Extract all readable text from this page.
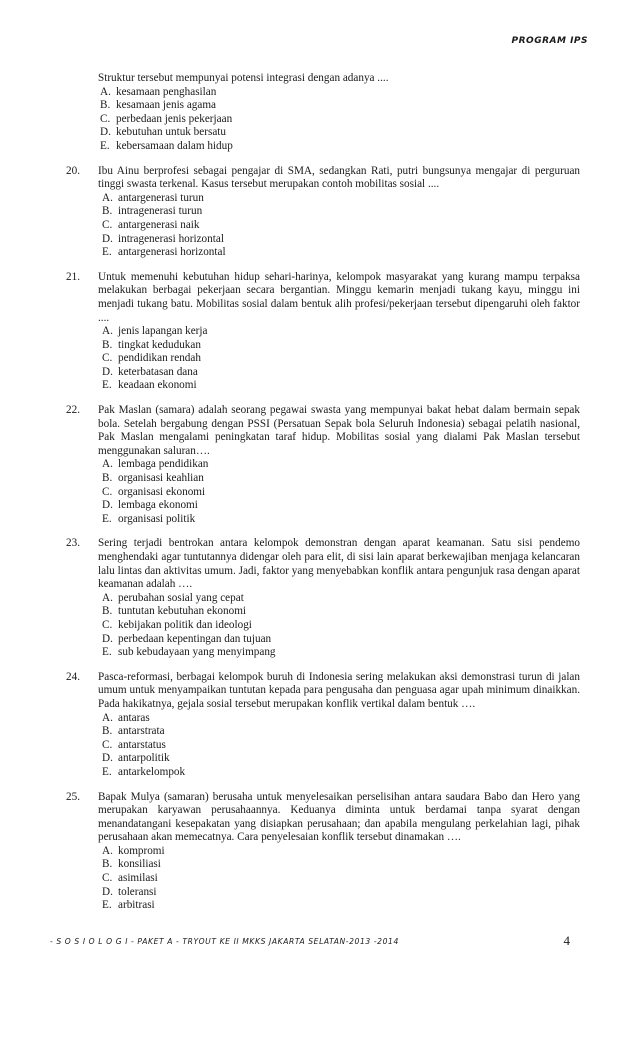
PROGRAM IPS
Struktur tersebut mempunyai potensi integrasi dengan adanya ....
A. kesamaan penghasilan
B. kesamaan jenis agama
C. perbedaan jenis pekerjaan
D. kebutuhan untuk bersatu
E. kebersamaan dalam hidup
20.	Ibu Ainu berprofesi sebagai pengajar di SMA, sedangkan Rati, putri bungsunya mengajar di perguruan tinggi swasta terkenal. Kasus tersebut merupakan contoh mobilitas sosial ....
A. antargenerasi turun
B. intragenerasi turun
C. antargenerasi naik
D. intragenerasi horizontal
E. antargenerasi horizontal
21.	Untuk memenuhi kebutuhan hidup sehari-harinya, kelompok masyarakat yang kurang mampu terpaksa melakukan berbagai pekerjaan secara bergantian. Minggu kemarin menjadi tukang kayu, minggu ini menjadi tukang batu. Mobilitas sosial dalam bentuk alih profesi/pekerjaan tersebut dipengaruhi oleh faktor ....
A. jenis lapangan kerja
B. tingkat kedudukan
C. pendidikan rendah
D. keterbatasan dana
E. keadaan ekonomi
22.	Pak Maslan (samara) adalah seorang pegawai swasta yang mempunyai bakat hebat dalam bermain sepak bola. Setelah bergabung dengan PSSI (Persatuan Sepak bola Seluruh Indonesia) sebagai pelatih nasional, Pak Maslan mengalami peningkatan taraf hidup. Mobilitas sosial yang dialami Pak Maslan tersebut menggunakan saluran….
A. lembaga pendidikan
B. organisasi keahlian
C. organisasi ekonomi
D. lembaga ekonomi
E. organisasi politik
23.	Sering terjadi bentrokan antara kelompok demonstran dengan aparat keamanan. Satu sisi pendemo menghendaki agar tuntutannya didengar oleh para elit, di sisi lain aparat berkewajiban menjaga kelancaran lalu lintas dan aktivitas umum. Jadi, faktor yang menyebabkan konflik antara pengunjuk rasa dengan aparat keamanan adalah ….
A. perubahan sosial yang cepat
B. tuntutan kebutuhan ekonomi
C. kebijakan politik dan ideologi
D. perbedaan kepentingan dan tujuan
E. sub kebudayaan yang menyimpang
24.	Pasca-reformasi, berbagai kelompok buruh di Indonesia sering melakukan aksi demonstrasi turun di jalan umum untuk menyampaikan tuntutan kepada para pengusaha dan penguasa agar upah minimum dinaikkan. Pada hakikatnya, gejala sosial tersebut merupakan konflik vertikal dalam bentuk ….
A. antaras
B. antarstrata
C. antarstatus
D. antarpolitik
E. antarkelompok
25.	Bapak Mulya (samaran) berusaha untuk menyelesaikan perselisihan antara saudara Babo dan Hero yang merupakan karyawan perusahaannya. Keduanya diminta untuk berdamai tanpa syarat dengan menandatangani kesepakatan yang disiapkan perusahaan; dan apabila mengulang perkelahian lagi, pihak perusahaan akan memecatnya. Cara penyelesaian konflik tersebut dinamakan ….
A. kompromi
B. konsiliasi
C. asimilasi
D. toleransi
E. arbitrasi
- S O S I O L O G I - PAKET A - TRYOUT KE II MKKS JAKARTA SELATAN-2013 -2014	4
